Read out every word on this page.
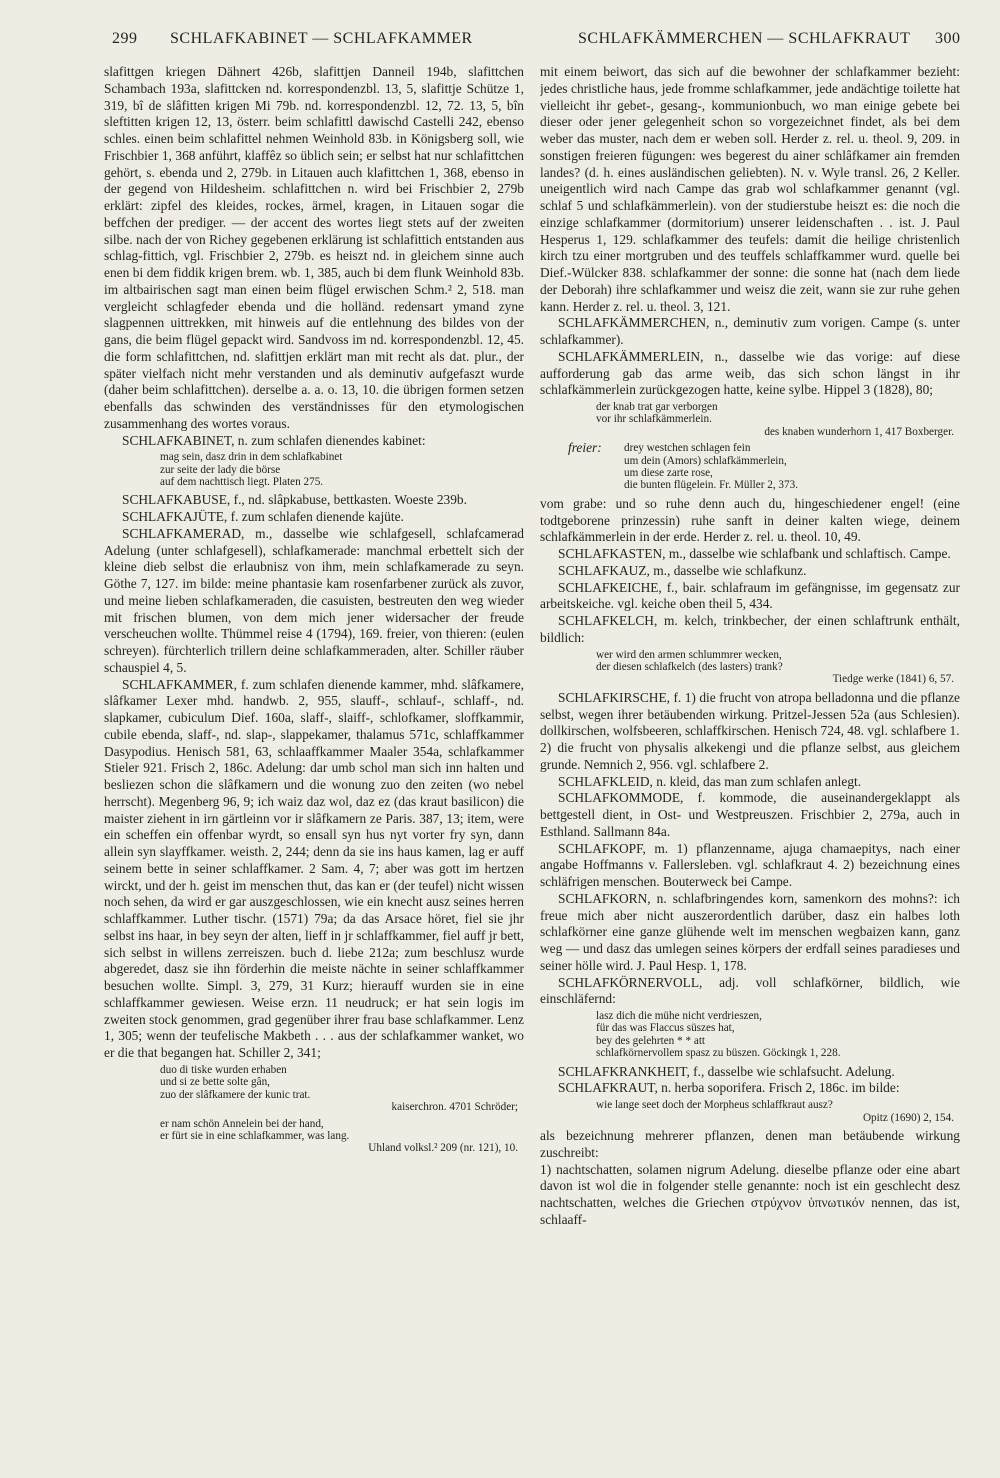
299 SCHLAFKABINET — SCHLAFKAMMER	SCHLAFKÄMMERCHEN — SCHLAFKRAUT 300

slafittgen kriegen Dähnert 426b, slafittjen Danneil 194b, slafittchen Schambach 193a, slafittcken nd. korrespondenzbl. 13, 5, slafittje Schütze 1, 319, bî de slâfitten krigen Mi 79b. nd. korrespondenzbl. 12, 72. 13, 5, bîn sleftitten krigen 12, 13, österr. beim schlafittl dawischd Castelli 242, ebenso schles. einen beim schlafittel nehmen Weinhold 83b. in Königsberg soll, wie Frischbier 1, 368 anführt, klaffêz so üblich sein; er selbst hat nur schlafittchen gehört, s. ebenda und 2, 279b. in Litauen auch klafittchen 1, 368, ebenso in der gegend von Hildesheim. schlafittchen n. wird bei Frischbier 2, 279b erklärt: zipfel des kleides, rockes, ärmel, kragen, in Litauen sogar die beffchen der prediger. — der accent des wortes liegt stets auf der zweiten silbe. nach der von Richey gegebenen erklärung ist schlafittich entstanden aus schlag-fittich, vgl. Frischbier 2, 279b. es heiszt nd. in gleichem sinne auch enen bi dem fiddik krigen brem. wb. 1, 385, auch bi dem flunk Weinhold 83b. im altbairischen sagt man einen beim flügel erwischen Schm.² 2, 518. man vergleicht schlagfeder ebenda und die holländ. redensart ymand zyne slagpennen uittrekken, mit hinweis auf die entlehnung des bildes von der gans, die beim flügel gepackt wird. Sandvoss im nd. korrespondenzbl. 12, 45. die form schlafittchen, nd. slafittjen erklärt man mit recht als dat. plur., der später vielfach nicht mehr verstanden und als deminutiv aufgefaszt wurde (daher beim schlafittchen). derselbe a. a. o. 13, 10. die übrigen formen setzen ebenfalls das schwinden des verständnisses für den etymologischen zusammenhang des wortes voraus.

SCHLAFKABINET, n. zum schlafen dienendes kabinet:

mag sein, dasz drin in dem schlafkabinet
zur seite der lady die börse
auf dem nachttisch liegt. Platen 275.

SCHLAFKABUSE, f., nd. slâpkabuse, bettkasten. Woeste 239b.

SCHLAFKAJÜTE, f. zum schlafen dienende kajüte.

SCHLAFKAMERAD, m., dasselbe wie schlafgesell, schlafcamerad Adelung (unter schlafgesell), schlafkamerade: manchmal erbettelt sich der kleine dieb selbst die erlaubnisz von ihm, mein schlafkamerade zu seyn. Göthe 7, 127. im bilde: meine phantasie kam rosenfarbener zurück als zuvor, und meine lieben schlafkameraden, die casuisten, bestreuten den weg wieder mit frischen blumen, von dem mich jener widersacher der freude verscheuchen wollte. Thümmel reise 4 (1794), 169. freier, von thieren: (eulen schreyen). fürchterlich trillern deine schlafkammeraden, alter. Schiller räuber schauspiel 4, 5.

SCHLAFKAMMER, f. zum schlafen dienende kammer, mhd. slâfkamere, slâfkamer Lexer mhd. handwb. 2, 955, slauff-, schlauf-, schlaff-, nd. slapkamer, cubiculum Dief. 160a, slaff-, slaiff-, schlofkamer, sloffkammir, cubile ebenda, slaff-, nd. slap-, slappekamer, thalamus 571c, schlaffkammer Dasypodius. Henisch 581, 63, schlaaffkammer Maaler 354a, schlafkammer Stieler 921. Frisch 2, 186c. Adelung: dar umb schol man sich inn halten und besliezen schon die slâfkamern und die wonung zuo den zeiten (wo nebel herrscht). Megenberg 96, 9; ich waiz daz wol, daz ez (das kraut basilicon) die maister ziehent in irn gärtleinn vor ir slâfkamern ze Paris. 387, 13; item, were ein scheffen ein offenbar wyrdt, so ensall syn hus nyt vorter fry syn, dann allein syn slayffkamer. weisth. 2, 244; denn da sie ins haus kamen, lag er auff seinem bette in seiner schlaffkamer. 2 Sam. 4, 7; aber was gott im hertzen wirckt, und der h. geist im menschen thut, das kan er (der teufel) nicht wissen noch sehen, da wird er gar auszgeschlossen, wie ein knecht ausz seines herren schlaffkammer. Luther tischr. (1571) 79a; da das Arsace höret, fiel sie jhr selbst ins haar, in bey seyn der alten, lieff in jr schlaffkammer, fiel auff jr bett, sich selbst in willens zerreiszen. buch d. liebe 212a; zum beschlusz wurde abgeredet, dasz sie ihn förderhin die meiste nächte in seiner schlaffkammer besuchen wollte. Simpl. 3, 279, 31 Kurz; hierauff wurden sie in eine schlaffkammer gewiesen. Weise erzn. 11 neudruck; er hat sein logis im zweiten stock genommen, grad gegenüber ihrer frau base schlafkammer. Lenz 1, 305; wenn der teufelische Makbeth . . . aus der schlafkammer wanket, wo er die that begangen hat. Schiller 2, 341;

duo di tiske wurden erhaben
und si ze bette solte gân,
zuo der slâfkamere der kunic trat.
kaiserchron. 4701 Schröder;
er nam schön Annelein bei der hand,
er fürt sie in eine schlafkammer, was lang.
Uhland volksl.² 209 (nr. 121), 10.

mit einem beiwort, das sich auf die bewohner der schlafkammer bezieht: jedes christliche haus, jede fromme schlafkammer, jede andächtige toilette hat vielleicht ihr gebet-, gesang-, kommunionbuch, wo man einige gebete bei dieser oder jener gelegenheit schon so vorgezeichnet findet, als bei dem weber das muster, nach dem er weben soll. Herder z. rel. u. theol. 9, 209. in sonstigen freieren fügungen: wes begerest du ainer schlâfkamer ain fremden landes? (d. h. eines ausländischen geliebten). N. v. Wyle transl. 26, 2 Keller. uneigentlich wird nach Campe das grab wol schlafkammer genannt (vgl. schlaf 5 und schlafkämmerlein). von der studierstube heiszt es: die noch die einzige schlafkammer (dormitorium) unserer leidenschaften . . ist. J. Paul Hesperus 1, 129. schlafkammer des teufels: damit die heilige christenlich kirch tzu einer mortgruben und des teuffels schlaffkammer wurd. quelle bei Dief.-Wülcker 838. schlafkammer der sonne: die sonne hat (nach dem liede der Deborah) ihre schlafkammer und weisz die zeit, wann sie zur ruhe gehen kann. Herder z. rel. u. theol. 3, 121.

SCHLAFKÄMMERCHEN, n., deminutiv zum vorigen. Campe (s. unter schlafkammer).

SCHLAFKÄMMERLEIN, n., dasselbe wie das vorige: auf diese aufforderung gab das arme weib, das sich schon längst in ihr schlafkämmerlein zurückgezogen hatte, keine sylbe. Hippel 3 (1828), 80;

der knab trat gar verborgen
vor ihr schlafkämmerlein.
des knaben wunderhorn 1, 417 Boxberger.
freier: drey westchen schlagen fein
um dein (Amors) schlafkämmerlein,
um diese zarte rose,
die bunten flügelein. Fr. Müller 2, 373.

vom grabe: und so ruhe denn auch du, hingeschiedener engel! (eine todtgeborene prinzessin) ruhe sanft in deiner kalten wiege, deinem schlafkämmerlein in der erde. Herder z. rel. u. theol. 10, 49.

SCHLAFKASTEN, m., dasselbe wie schlafbank und schlaftisch. Campe.

SCHLAFKAUZ, m., dasselbe wie schlafkunz.

SCHLAFKEICHE, f., bair. schlafraum im gefängnisse, im gegensatz zur arbeitskeiche. vgl. keiche oben theil 5, 434.

SCHLAFKELCH, m. kelch, trinkbecher, der einen schlaftrunk enthält, bildlich:

wer wird den armen schlummrer wecken,
der diesen schlafkelch (des lasters) trank?
Tiedge werke (1841) 6, 57.

SCHLAFKIRSCHE, f. 1) die frucht von atropa belladonna und die pflanze selbst, wegen ihrer betäubenden wirkung. Pritzel-Jessen 52a (aus Schlesien). dollkirschen, wolfsbeeren, schlaffkirschen. Henisch 724, 48. vgl. schlafbere 1.

2) die frucht von physalis alkekengi und die pflanze selbst, aus gleichem grunde. Nemnich 2, 956. vgl. schlafbere 2.

SCHLAFKLEID, n. kleid, das man zum schlafen anlegt.

SCHLAFKOMMODE, f. kommode, die auseinandergeklappt als bettgestell dient, in Ost- und Westpreuszen. Frischbier 2, 279a, auch in Esthland. Sallmann 84a.

SCHLAFKOPF, m. 1) pflanzenname, ajuga chamaepitys, nach einer angabe Hoffmanns v. Fallersleben. vgl. schlafkraut 4. 2) bezeichnung eines schläfrigen menschen. Bouterweck bei Campe.

SCHLAFKORN, n. schlafbringendes korn, samenkorn des mohns?: ich freue mich aber nicht auszerordentlich darüber, dasz ein halbes loth schlafkörner eine ganze glühende welt im menschen wegbaizen kann, ganz weg — und dasz das umlegen seines körpers der erdfall seines paradieses und seiner hölle wird. J. Paul Hesp. 1, 178.

SCHLAFKÖRNERVOLL, adj. voll schlafkörner, bildlich, wie einschläfernd:

lasz dich die mühe nicht verdrieszen,
für das was Flaccus süszes hat,
bey des gelehrten * * att
schlafkörnervollem spasz zu büszen. Göckingk 1, 228.

SCHLAFKRANKHEIT, f., dasselbe wie schlafsucht. Adelung.

SCHLAFKRAUT, n. herba soporifera. Frisch 2, 186c. im bilde:

wie lange seet doch der Morpheus schlaffkraut ausz?
Opitz (1690) 2, 154.

als bezeichnung mehrerer pflanzen, denen man betäubende wirkung zuschreibt:

1) nachtschatten, solamen nigrum Adelung. dieselbe pflanze oder eine abart davon ist wol die in folgender stelle genannte: noch ist ein geschlecht desz nachtschatten, welches die Griechen στρύχνον ὑπνωτικόν nennen, das ist, schlaaff-
